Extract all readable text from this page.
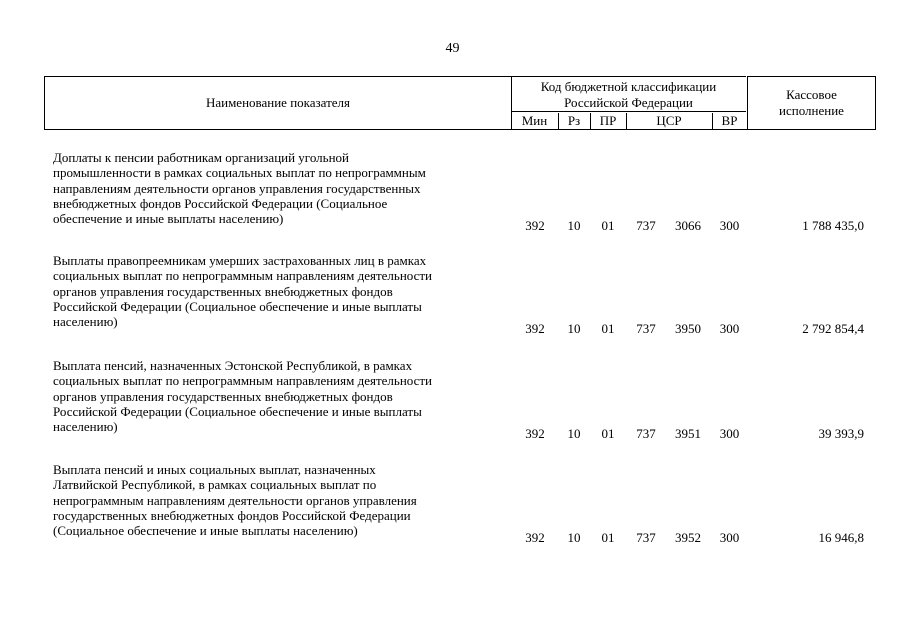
49
Наименование показателя
Код бюджетной классификации
Российской Федерации
Кассовое
исполнение
Мин	Рз	ПР	ЦСР	ВР
Доплаты к пенсии работникам организаций угольной
промышленности в рамках социальных выплат по непрограммным
направлениям деятельности органов управления государственных
внебюджетных фондов Российской Федерации (Социальное
обеспечение и иные выплаты населению)	392	10	01	737	3066	300	1 788 435,0
Выплаты правопреемникам умерших застрахованных лиц в рамках
социальных выплат по непрограммным направлениям деятельности
органов управления государственных внебюджетных фондов
Российской Федерации (Социальное обеспечение и иные выплаты
населению)	392	10	01	737	3950	300	2 792 854,4
Выплата пенсий, назначенных Эстонской Республикой, в рамках
социальных выплат по непрограммным направлениям деятельности
органов управления государственных внебюджетных фондов
Российской Федерации (Социальное обеспечение и иные выплаты
населению)	392	10	01	737	3951	300	39 393,9
Выплата пенсий и иных социальных выплат, назначенных
Латвийской Республикой, в рамках социальных выплат по
непрограммным направлениям деятельности органов управления
государственных внебюджетных фондов Российской Федерации
(Социальное обеспечение и иные выплаты населению)	392	10	01	737	3952	300	16 946,8
